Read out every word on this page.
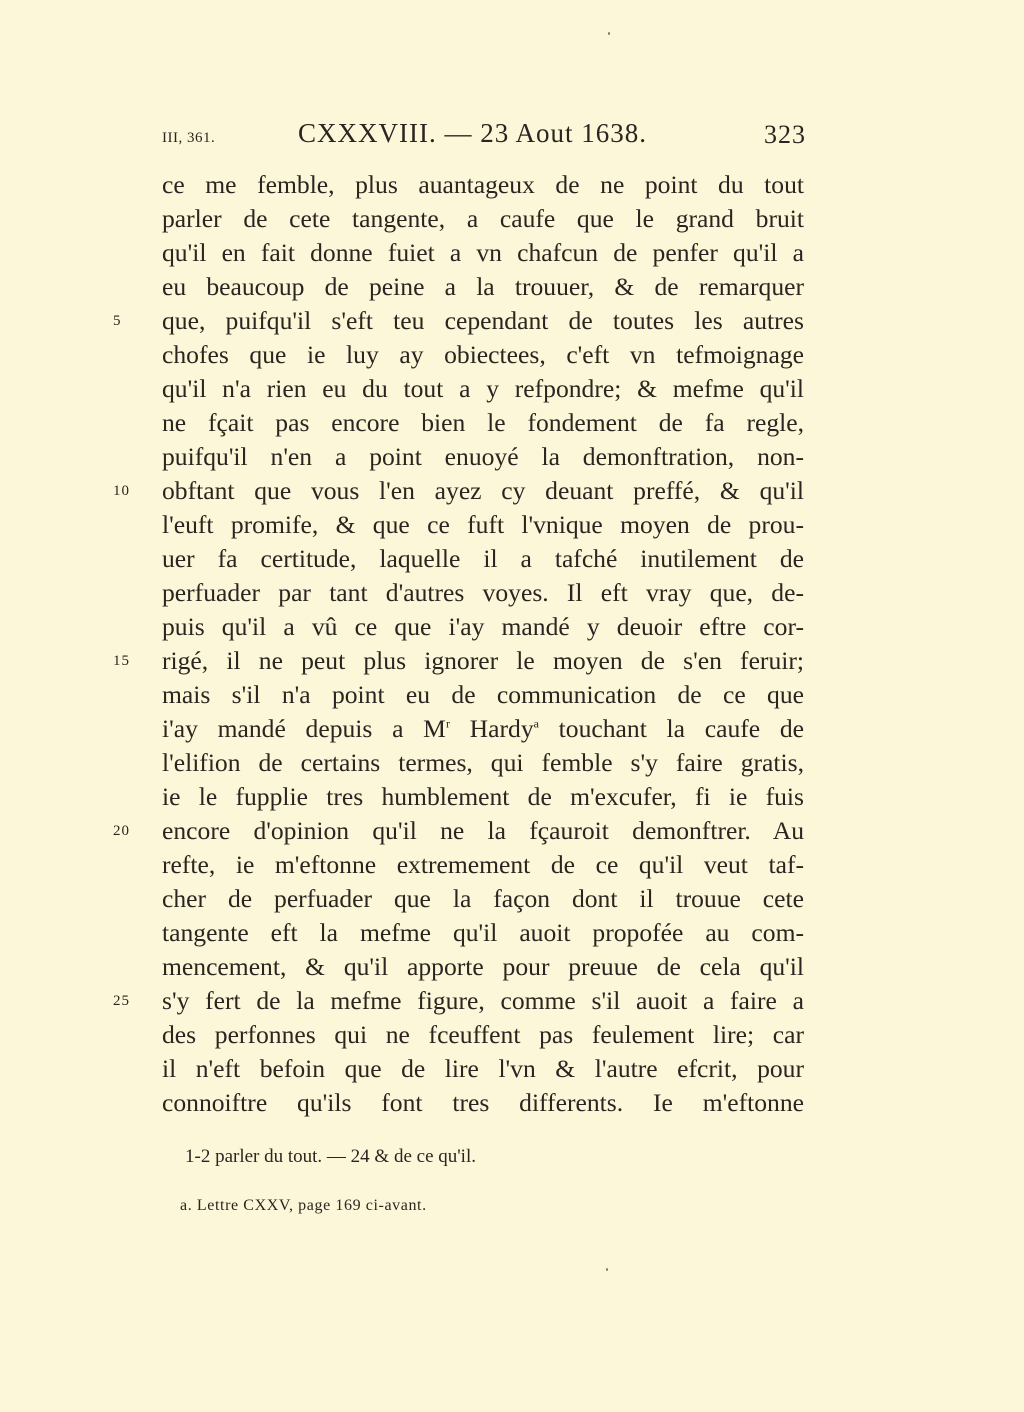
III, 361.	CXXXVIII. — 23 Aout 1638.	323
ce me femble, plus auantageux de ne point du tout
parler de cete tangente, a caufe que le grand bruit
qu'il en fait donne fuiet a vn chafcun de penfer qu'il a
eu beaucoup de peine a la trouuer, & de remarquer
5	que, puifqu'il s'eft teu cependant de toutes les autres
chofes que ie luy ay obiectees, c'eft vn tefmoignage
qu'il n'a rien eu du tout a y refpondre; & mefme qu'il
ne fçait pas encore bien le fondement de fa regle,
puifqu'il n'en a point enuoyé la demonftration, non-
10 obftant que vous l'en ayez cy deuant preffé, & qu'il
l'euft promife, & que ce fuft l'vnique moyen de prou-
uer fa certitude, laquelle il a tafché inutilement de
perfuader par tant d'autres voyes. Il eft vray que, de-
puis qu'il a vû ce que i'ay mandé y deuoir eftre cor-
15 rigé, il ne peut plus ignorer le moyen de s'en feruir;
mais s'il n'a point eu de communication de ce que
i'ay mandé depuis a $M^r$ Hardy$^a$ touchant la caufe de
l'elifion de certains termes, qui femble s'y faire gratis,
ie le fupplie tres humblement de m'excufer, fi ie fuis
20 encore d'opinion qu'il ne la fçauroit demonftrer. Au
refte, ie m'eftonne extremement de ce qu'il veut taf-
cher de perfuader que la façon dont il trouue cete
tangente eft la mefme qu'il auoit propofée au com-
mencement, & qu'il apporte pour preuue de cela qu'il
25 s'y fert de la mefme figure, comme s'il auoit a faire a
des perfonnes qui ne fceuffent pas feulement lire; car
il n'eft befoin que de lire l'vn & l'autre efcrit, pour
connoiftre qu'ils font tres differents. Ie m'eftonne
1-2 parler du tout. — 24 & de ce qu'il.
a. Lettre CXXV, page 169 ci-avant.
